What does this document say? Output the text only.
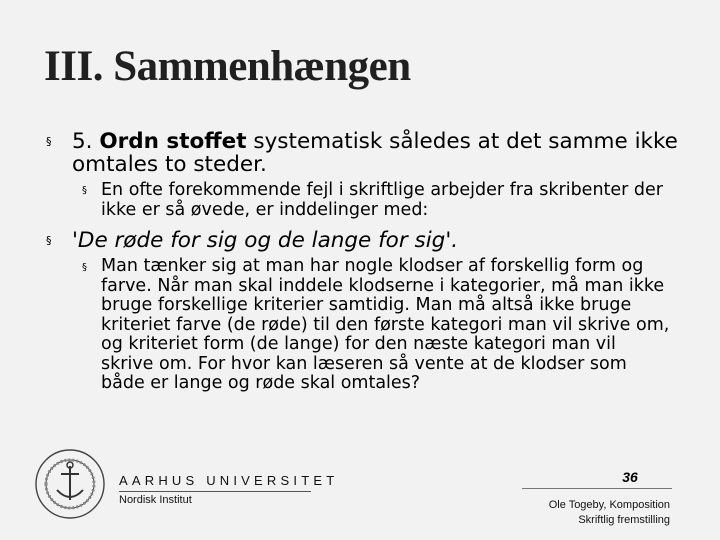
III. Sammenhængen
§ 5. Ordn stoffet systematisk således at det samme ikke omtales to steder.
§ En ofte forekommende fejl i skriftlige arbejder fra skribenter der ikke er så øvede, er inddelinger med:
§ 'De røde for sig og de lange for sig'.
§ Man tænker sig at man har nogle klodser af forskellig form og farve. Når man skal inddele klodserne i kategorier, må man ikke bruge forskellige kriterier samtidig. Man må altså ikke bruge kriteriet farve (de røde) til den første kategori man vil skrive om, og kriteriet form (de lange) for den næste kategori man vil skrive om. For hvor kan læseren så vente at de klodser som både er lange og røde skal omtales?
AARHUS UNIVERSITET
Nordisk Institut
36
Ole Togeby, Komposition
Skriftlig fremstilling
